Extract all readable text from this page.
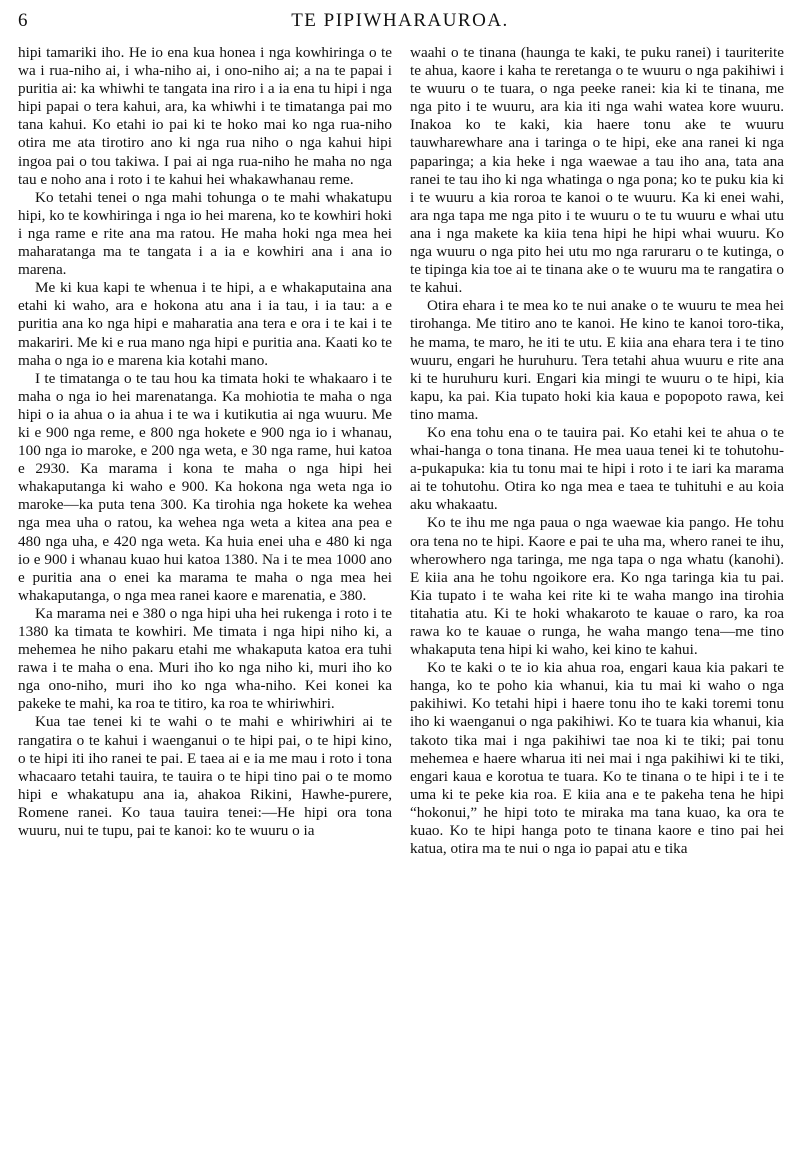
6	TE PIPIWHARAUROA.

hipi tamariki iho. He io ena kua honea i nga kowhiringa o te wa i rua-niho ai, i wha-niho ai, i ono-niho ai; a na te papai i puritia ai: ka whiwhi te tangata ina riro i a ia ena tu hipi i nga hipi papai o tera kahui, ara, ka whiwhi i te timatanga pai mo tana kahui. Ko etahi io pai ki te hoko mai ko nga rua-niho otira me ata tirotiro ano ki nga rua niho o nga kahui hipi ingoa pai o tou takiwa. I pai ai nga rua-niho he maha no nga tau e noho ana i roto i te kahui hei whakawhanau reme.

Ko tetahi tenei o nga mahi tohunga o te mahi whakatupu hipi, ko te kowhiringa i nga io hei marena, ko te kowhiri hoki i nga rame e rite ana ma ratou. He maha hoki nga mea hei maharatanga ma te tangata i a ia e kowhiri ana i ana io marena.

Me ki kua kapi te whenua i te hipi, a e whakaputaina ana etahi ki waho, ara e hokona atu ana i ia tau, i ia tau: a e puritia ana ko nga hipi e maharatia ana tera e ora i te kai i te makariri. Me ki e rua mano nga hipi e puritia ana. Kaati ko te maha o nga io e marena kia kotahi mano.

I te timatanga o te tau hou ka timata hoki te whakaaro i te maha o nga io hei marenatanga. Ka mohiotia te maha o nga hipi o ia ahua o ia ahua i te wa i kutikutia ai nga wuuru. Me ki e 900 nga reme, e 800 nga hokete e 900 nga io i whanau, 100 nga io maroke, e 200 nga weta, e 30 nga rame, hui katoa e 2930. Ka marama i kona te maha o nga hipi hei whakaputanga ki waho e 900. Ka hokona nga weta nga io maroke—ka puta tena 300. Ka tirohia nga hokete ka wehea nga mea uha o ratou, ka wehea nga weta a kitea ana pea e 480 nga uha, e 420 nga weta. Ka huia enei uha e 480 ki nga io e 900 i whanau kuao hui katoa 1380. Na i te mea 1000 ano e puritia ana o enei ka marama te maha o nga mea hei whakaputanga, o nga mea ranei kaore e marenatia, e 380.

Ka marama nei e 380 o nga hipi uha hei rukenga i roto i te 1380 ka timata te kowhiri. Me timata i nga hipi niho ki, a mehemea he niho pakaru etahi me whakaputa katoa era tuhi rawa i te maha o ena. Muri iho ko nga niho ki, muri iho ko nga ono-niho, muri iho ko nga wha-niho. Kei konei ka pakeke te mahi, ka roa te titiro, ka roa te whiriwhiri.

Kua tae tenei ki te wahi o te mahi e whiriwhiri ai te rangatira o te kahui i waenganui o te hipi pai, o te hipi kino, o te hipi iti iho ranei te pai. E taea ai e ia me mau i roto i tona whacaaro tetahi tauira, te tauira o te hipi tino pai o te momo hipi e whakatupu ana ia, ahakoa Rikini, Hawhe-purere, Romene ranei. Ko taua tauira tenei:—He hipi ora tona wuuru, nui te tupu, pai te kanoi: ko te wuuru o ia

waahi o te tinana (haunga te kaki, te puku ranei) i tauriterite te ahua, kaore i kaha te reretanga o te wuuru o nga pakihiwi i te wuuru o te tuara, o nga peeke ranei: kia ki te tinana, me nga pito i te wuuru, ara kia iti nga wahi watea kore wuuru. Inakoa ko te kaki, kia haere tonu ake te wuuru tauwharewhare ana i taringa o te hipi, eke ana ranei ki nga paparinga; a kia heke i nga waewae a tau iho ana, tata ana ranei te tau iho ki nga whatinga o nga pona; ko te puku kia ki i te wuuru a kia roroa te kanoi o te wuuru. Ka ki enei wahi, ara nga tapa me nga pito i te wuuru o te tu wuuru e whai utu ana i nga makete ka kiia tena hipi he hipi whai wuuru. Ko nga wuuru o nga pito hei utu mo nga raruraru o te kutinga, o te tipinga kia toe ai te tinana ake o te wuuru ma te rangatira o te kahui.

Otira ehara i te mea ko te nui anake o te wuuru te mea hei tirohanga. Me titiro ano te kanoi. He kino te kanoi toro-tika, he mama, te maro, he iti te utu. E kiia ana ehara tera i te tino wuuru, engari he huruhuru. Tera tetahi ahua wuuru e rite ana ki te huruhuru kuri. Engari kia mingi te wuuru o te hipi, kia kapu, ka pai. Kia tupato hoki kia kaua e popopoto rawa, kei tino mama.

Ko ena tohu ena o te tauira pai. Ko etahi kei te ahua o te whai-hanga o tona tinana. He mea uaua tenei ki te tohutohu-a-pukapuka: kia tu tonu mai te hipi i roto i te iari ka marama ai te tohutohu. Otira ko nga mea e taea te tuhituhi e au koia aku whakaatu.

Ko te ihu me nga paua o nga waewae kia pango. He tohu ora tena no te hipi. Kaore e pai te uha ma, whero ranei te ihu, wherowhero nga taringa, me nga tapa o nga whatu (kanohi). E kiia ana he tohu ngoikore era. Ko nga taringa kia tu pai. Kia tupato i te waha kei rite ki te waha mango ina tirohia titahatia atu. Ki te hoki whakaroto te kauae o raro, ka roa rawa ko te kauae o runga, he waha mango tena—me tino whakaputa tena hipi ki waho, kei kino te kahui.

Ko te kaki o te io kia ahua roa, engari kaua kia pakari te hanga, ko te poho kia whanui, kia tu mai ki waho o nga pakihiwi. Ko tetahi hipi i haere tonu iho te kaki toremi tonu iho ki waenganui o nga pakihiwi. Ko te tuara kia whanui, kia takoto tika mai i nga pakihiwi tae noa ki te tiki; pai tonu mehemea e haere wharua iti nei mai i nga pakihiwi ki te tiki, engari kaua e korotua te tuara. Ko te tinana o te hipi i te i te uma ki te peke kia roa. E kiia ana e te pakeha tena he hipi “hokonui,” he hipi toto te miraka ma tana kuao, ka ora te kuao. Ko te hipi hanga poto te tinana kaore e tino pai hei katua, otira ma te nui o nga io papai atu e tika
